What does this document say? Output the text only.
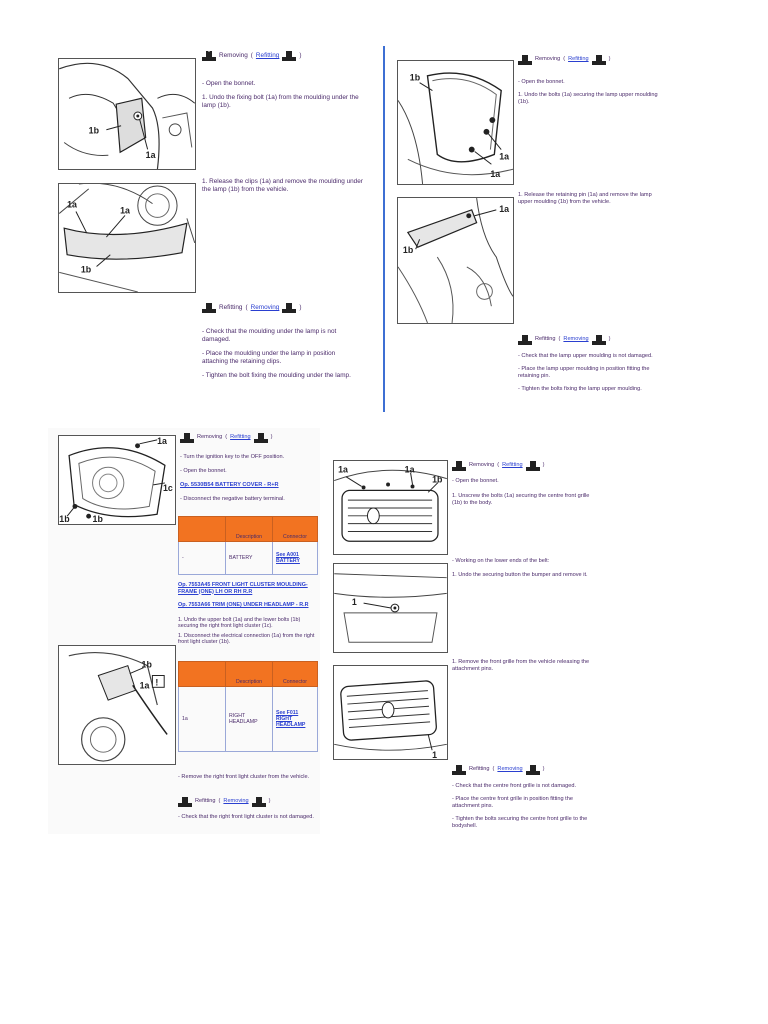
1b
1a
Removing ( Refitting	)

- Open the bonnet.

1. Undo the fixing bolt (1a) from the moulding under the lamp (1b).

1a
1a
1b

1. Release the clips (1a) and remove the moulding under the lamp (1b) from the vehicle.

Refitting ( Removing	)

- Check that the moulding under the lamp is not damaged.

- Place the moulding under the lamp in position attaching the retaining clips.

- Tighten the bolt fixing the moulding under the lamp.

1b
1a
1a
Removing ( Refitting	)

- Open the bonnet.

1. Undo the bolts (1a) securing the lamp upper moulding (1b).

1a
1b

1. Release the retaining pin (1a) and remove the lamp upper moulding (1b) from the vehicle.

Refitting ( Removing	)

- Check that the lamp upper moulding is not damaged.

- Place the lamp upper moulding in position fitting the retaining pin.

- Tighten the bolts fixing the lamp upper moulding.

1a
1c
1b	1b
Removing ( Refitting	)

- Turn the ignition key to the OFF position.

- Open the bonnet.

Op. 5530B54 BATTERY COVER - R+R

- Disconnect the negative battery terminal.

	Description	Connector
-	BATTERY	See A001 BATTERY

Op. 7553A45 FRONT LIGHT CLUSTER MOULDING-FRAME (ONE) LH OR RH R.R

Op. 7553A66 TRIM (ONE) UNDER HEADLAMP - R.R

1. Undo the upper bolt (1a) and the lower bolts (1b) securing the right front light cluster (1c).

1. Disconnect the electrical connection (1a) from the right front light cluster (1b).

!
1b
1a
		Description	Connector
1a	RIGHT HEADLAMP	See F011 RIGHT HEADLAMP

- Remove the right front light cluster from the vehicle.

Refitting ( Removing	)

- Check that the right front light cluster is not damaged.

1a	1a
1b
Removing ( Refitting	)

- Open the bonnet.

1. Unscrew the bolts (1a) securing the centre front grille (1b) to the body.

- Working on the lower ends of the belt:

1

1. Undo the securing button the bumper and remove it.

1

1. Remove the front grille from the vehicle releasing the attachment pins.

Refitting ( Removing	)

- Check that the centre front grille is not damaged.

- Place the centre front grille in position fitting the attachment pins.

- Tighten the bolts securing the centre front grille to the bodyshell.
